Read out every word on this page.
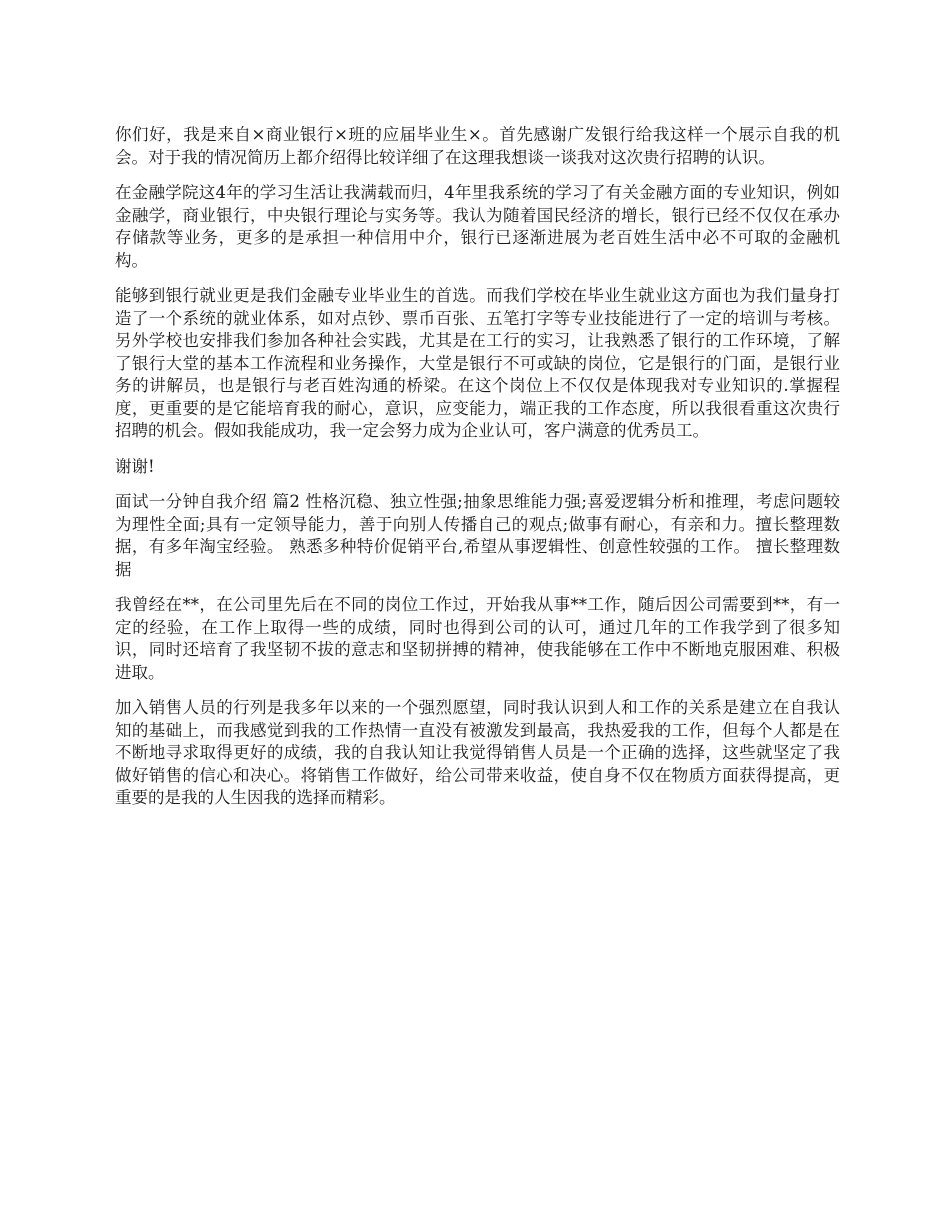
你们好，我是来自×商业银行×班的应届毕业生×。首先感谢广发银行给我这样一个展示自我的机会。对于我的情况简历上都介绍得比较详细了在这理我想谈一谈我对这次贵行招聘的认识。

在金融学院这4年的学习生活让我满载而归，4年里我系统的学习了有关金融方面的专业知识，例如金融学，商业银行，中央银行理论与实务等。我认为随着国民经济的增长，银行已经不仅仅在承办存储款等业务，更多的是承担一种信用中介，银行已逐渐进展为老百姓生活中必不可取的金融机构。

能够到银行就业更是我们金融专业毕业生的首选。而我们学校在毕业生就业这方面也为我们量身打造了一个系统的就业体系，如对点钞、票币百张、五笔打字等专业技能进行了一定的培训与考核。另外学校也安排我们参加各种社会实践，尤其是在工行的实习，让我熟悉了银行的工作环境，了解了银行大堂的基本工作流程和业务操作，大堂是银行不可或缺的岗位，它是银行的门面，是银行业务的讲解员，也是银行与老百姓沟通的桥梁。在这个岗位上不仅仅是体现我对专业知识的.掌握程度，更重要的是它能培育我的耐心，意识，应变能力，端正我的工作态度，所以我很看重这次贵行招聘的机会。假如我能成功，我一定会努力成为企业认可，客户满意的优秀员工。

谢谢!

面试一分钟自我介绍 篇2 性格沉稳、独立性强;抽象思维能力强;喜爱逻辑分析和推理，考虑问题较为理性全面;具有一定领导能力，善于向别人传播自己的观点;做事有耐心，有亲和力。擅长整理数据，有多年淘宝经验。 熟悉多种特价促销平台,希望从事逻辑性、创意性较强的工作。 擅长整理数据

我曾经在**，在公司里先后在不同的岗位工作过，开始我从事**工作，随后因公司需要到**，有一定的经验，在工作上取得一些的成绩，同时也得到公司的认可，通过几年的工作我学到了很多知识，同时还培育了我坚韧不拔的意志和坚韧拼搏的精神，使我能够在工作中不断地克服困难、积极进取。

加入销售人员的行列是我多年以来的一个强烈愿望，同时我认识到人和工作的关系是建立在自我认知的基础上，而我感觉到我的工作热情一直没有被激发到最高，我热爱我的工作，但每个人都是在不断地寻求取得更好的成绩，我的自我认知让我觉得销售人员是一个正确的选择，这些就坚定了我做好销售的信心和决心。将销售工作做好，给公司带来收益，使自身不仅在物质方面获得提高，更重要的是我的人生因我的选择而精彩。
